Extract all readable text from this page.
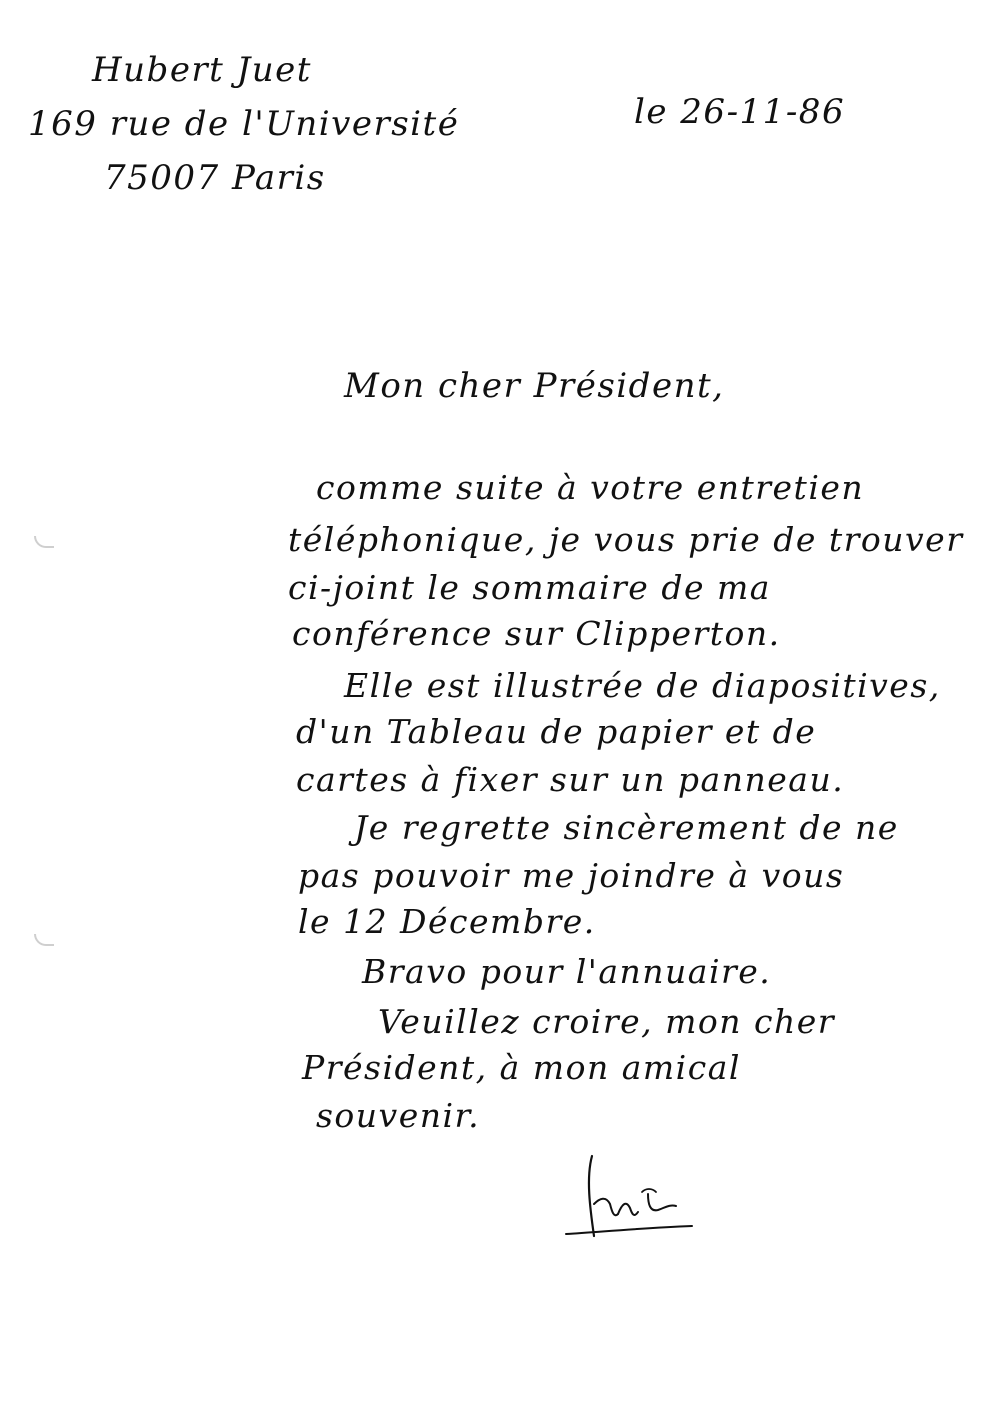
Hubert Juet
169 rue de l'Université
75007 Paris
le 26-11-86
Mon cher Président,
comme suite à votre entretien
téléphonique, je vous prie de trouver
ci-joint le sommaire de ma
conférence sur Clipperton.
Elle est illustrée de diapositives,
d'un Tableau de papier et de
cartes à fixer sur un panneau.
Je regrette sincèrement de ne
pas pouvoir me joindre à vous
le 12 Décembre.
Bravo pour l'annuaire.
Veuillez croire, mon cher
Président, à mon amical
souvenir.
